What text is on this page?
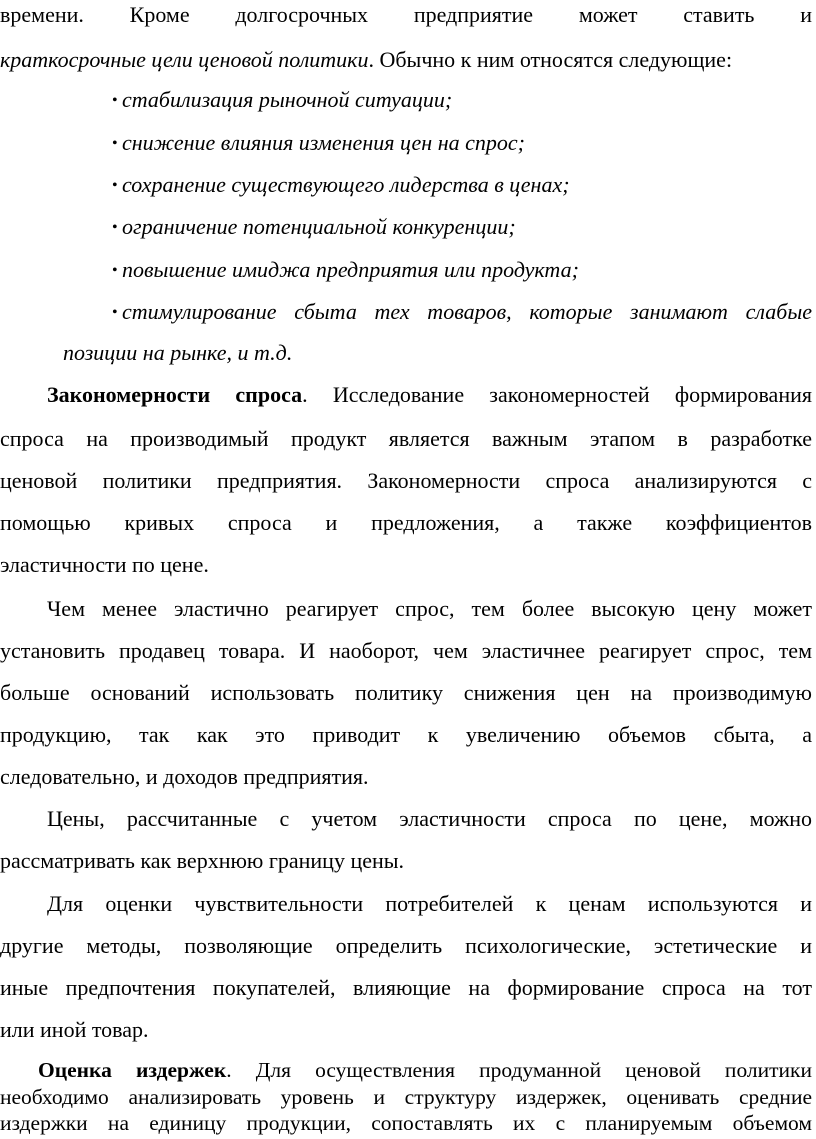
времени. Кроме долгосрочных предприятие может ставить и
краткосрочные цели ценовой политики. Обычно к ним относятся следующие:
• стабилизация рыночной ситуации;
• снижение влияния изменения цен на спрос;
• сохранение существующего лидерства в ценах;
• ограничение потенциальной конкуренции;
• повышение имиджа предприятия или продукта;
• стимулирование сбыта тех товаров, которые занимают слабые
позиции на рынке, и т.д.
Закономерности спроса. Исследование закономерностей формирования
спроса на производимый продукт является важным этапом в разработке
ценовой политики предприятия. Закономерности спроса анализируются с
помощью кривых спроса и предложения, а также коэффициентов
эластичности по цене.
Чем менее эластично реагирует спрос, тем более высокую цену может
установить продавец товара. И наоборот, чем эластичнее реагирует спрос, тем
больше оснований использовать политику снижения цен на производимую
продукцию, так как это приводит к увеличению объемов сбыта, а
следовательно, и доходов предприятия.
Цены, рассчитанные с учетом эластичности спроса по цене, можно
рассматривать как верхнюю границу цены.
Для оценки чувствительности потребителей к ценам используются и
другие методы, позволяющие определить психологические, эстетические и
иные предпочтения покупателей, влияющие на формирование спроса на тот
или иной товар.
Оценка издержек. Для осуществления продуманной ценовой политики
необходимо анализировать уровень и структуру издержек, оценивать средние
издержки на единицу продукции, сопоставлять их с планируемым объемом
